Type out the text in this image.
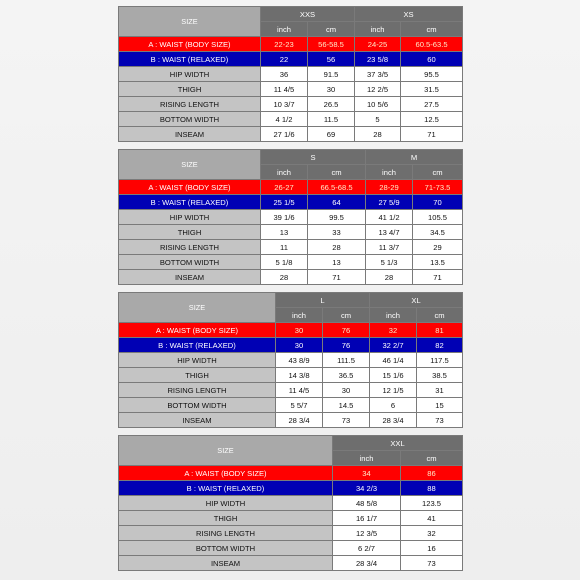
SIZE	XXS		XS	
	inch	cm	inch	cm
A : WAIST (BODY SIZE)	22-23	56-58.5	24-25	60.5-63.5
B : WAIST (RELAXED)	22	56	23 5/8	60
HIP WIDTH	36	91.5	37 3/5	95.5
THIGH	11 4/5	30	12 2/5	31.5
RISING LENGTH	10 3/7	26.5	10 5/6	27.5
BOTTOM WIDTH	4 1/2	11.5	5	12.5
INSEAM	27 1/6	69	28	71
SIZE	S		M	
	inch	cm	inch	cm
A : WAIST (BODY SIZE)	26-27	66.5-68.5	28-29	71-73.5
B : WAIST (RELAXED)	25 1/5	64	27 5/9	70
HIP WIDTH	39 1/6	99.5	41 1/2	105.5
THIGH	13	33	13 4/7	34.5
RISING LENGTH	11	28	11 3/7	29
BOTTOM WIDTH	5 1/8	13	5 1/3	13.5
INSEAM	28	71	28	71
SIZE	L		XL	
	inch	cm	inch	cm
A : WAIST (BODY SIZE)	30	76	32	81
B : WAIST (RELAXED)	30	76	32 2/7	82
HIP WIDTH	43 8/9	111.5	46 1/4	117.5
THIGH	14 3/8	36.5	15 1/6	38.5
RISING LENGTH	11 4/5	30	12 1/5	31
BOTTOM WIDTH	5 5/7	14.5	6	15
INSEAM	28 3/4	73	28 3/4	73
SIZE	XXL	
	inch	cm
A : WAIST (BODY SIZE)	34	86
B : WAIST (RELAXED)	34 2/3	88
HIP WIDTH	48 5/8	123.5
THIGH	16 1/7	41
RISING LENGTH	12 3/5	32
BOTTOM WIDTH	6 2/7	16
INSEAM	28 3/4	73
